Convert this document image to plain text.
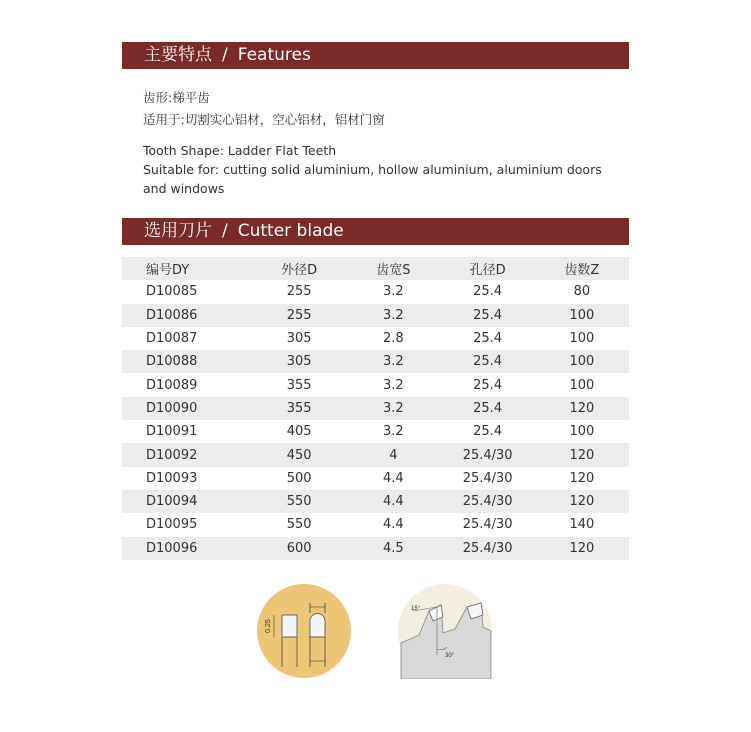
主要特点 / Features
齿形:梯平齿
适用于:切割实心铝材，空心铝材，铝材门窗
Tooth Shape: Ladder Flat Teeth
Suitable for: cutting solid aluminium, hollow aluminium, aluminium doors and windows
选用刀片 / Cutter blade
编号DY	外径D	齿宽S	孔径D	齿数Z
D10085	255	3.2	25.4	80
D10086	255	3.2	25.4	100
D10087	305	2.8	25.4	100
D10088	305	3.2	25.4	100
D10089	355	3.2	25.4	100
D10090	355	3.2	25.4	120
D10091	405	3.2	25.4	100
D10092	450	4	25.4/30	120
D10093	500	4.4	25.4/30	120
D10094	550	4.4	25.4/30	120
D10095	550	4.4	25.4/30	140
D10096	600	4.5	25.4/30	120
0.25
15°
30°
